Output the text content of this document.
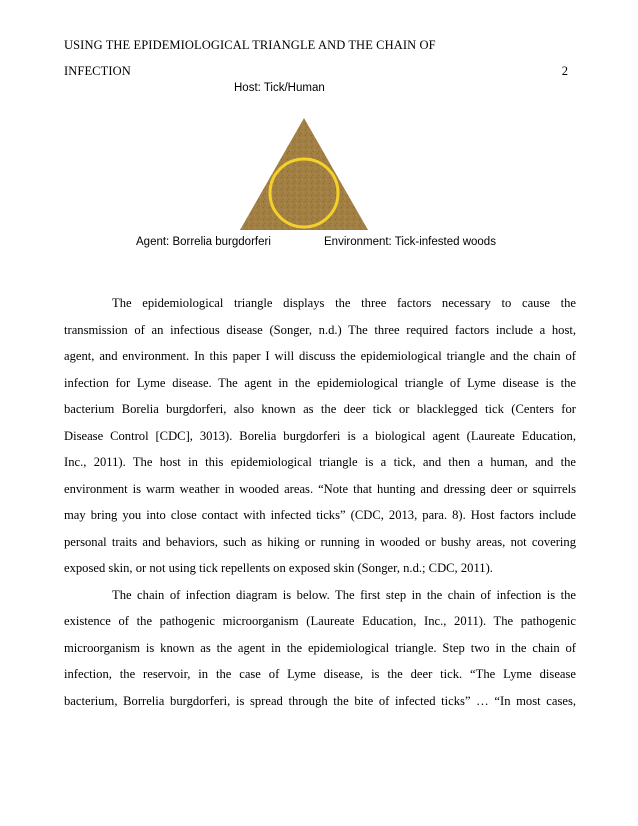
USING THE EPIDEMIOLOGICAL TRIANGLE AND THE CHAIN OF
INFECTION	2
Host: Tick/Human
Agent: Borrelia burgdorferi	Environment: Tick-infested woods
The epidemiological triangle displays the three factors necessary to cause the
transmission of an infectious disease (Songer, n.d.) The three required factors include a host,
agent, and environment. In this paper I will discuss the epidemiological triangle and the chain of
infection for Lyme disease. The agent in the epidemiological triangle of Lyme disease is the
bacterium Borelia burgdorferi, also known as the deer tick or blacklegged tick (Centers for
Disease Control [CDC], 3013). Borelia burgdorferi is a biological agent (Laureate Education,
Inc., 2011). The host in this epidemiological triangle is a tick, and then a human, and the
environment is warm weather in wooded areas. “Note that hunting and dressing deer or squirrels
may bring you into close contact with infected ticks” (CDC, 2013, para. 8). Host factors include
personal traits and behaviors, such as hiking or running in wooded or bushy areas, not covering
exposed skin, or not using tick repellents on exposed skin (Songer, n.d.; CDC, 2011).
The chain of infection diagram is below. The first step in the chain of infection is the
existence of the pathogenic microorganism (Laureate Education, Inc., 2011). The pathogenic
microorganism is known as the agent in the epidemiological triangle. Step two in the chain of
infection, the reservoir, in the case of Lyme disease, is the deer tick. “The Lyme disease
bacterium, Borrelia burgdorferi, is spread through the bite of infected ticks” … “In most cases,
